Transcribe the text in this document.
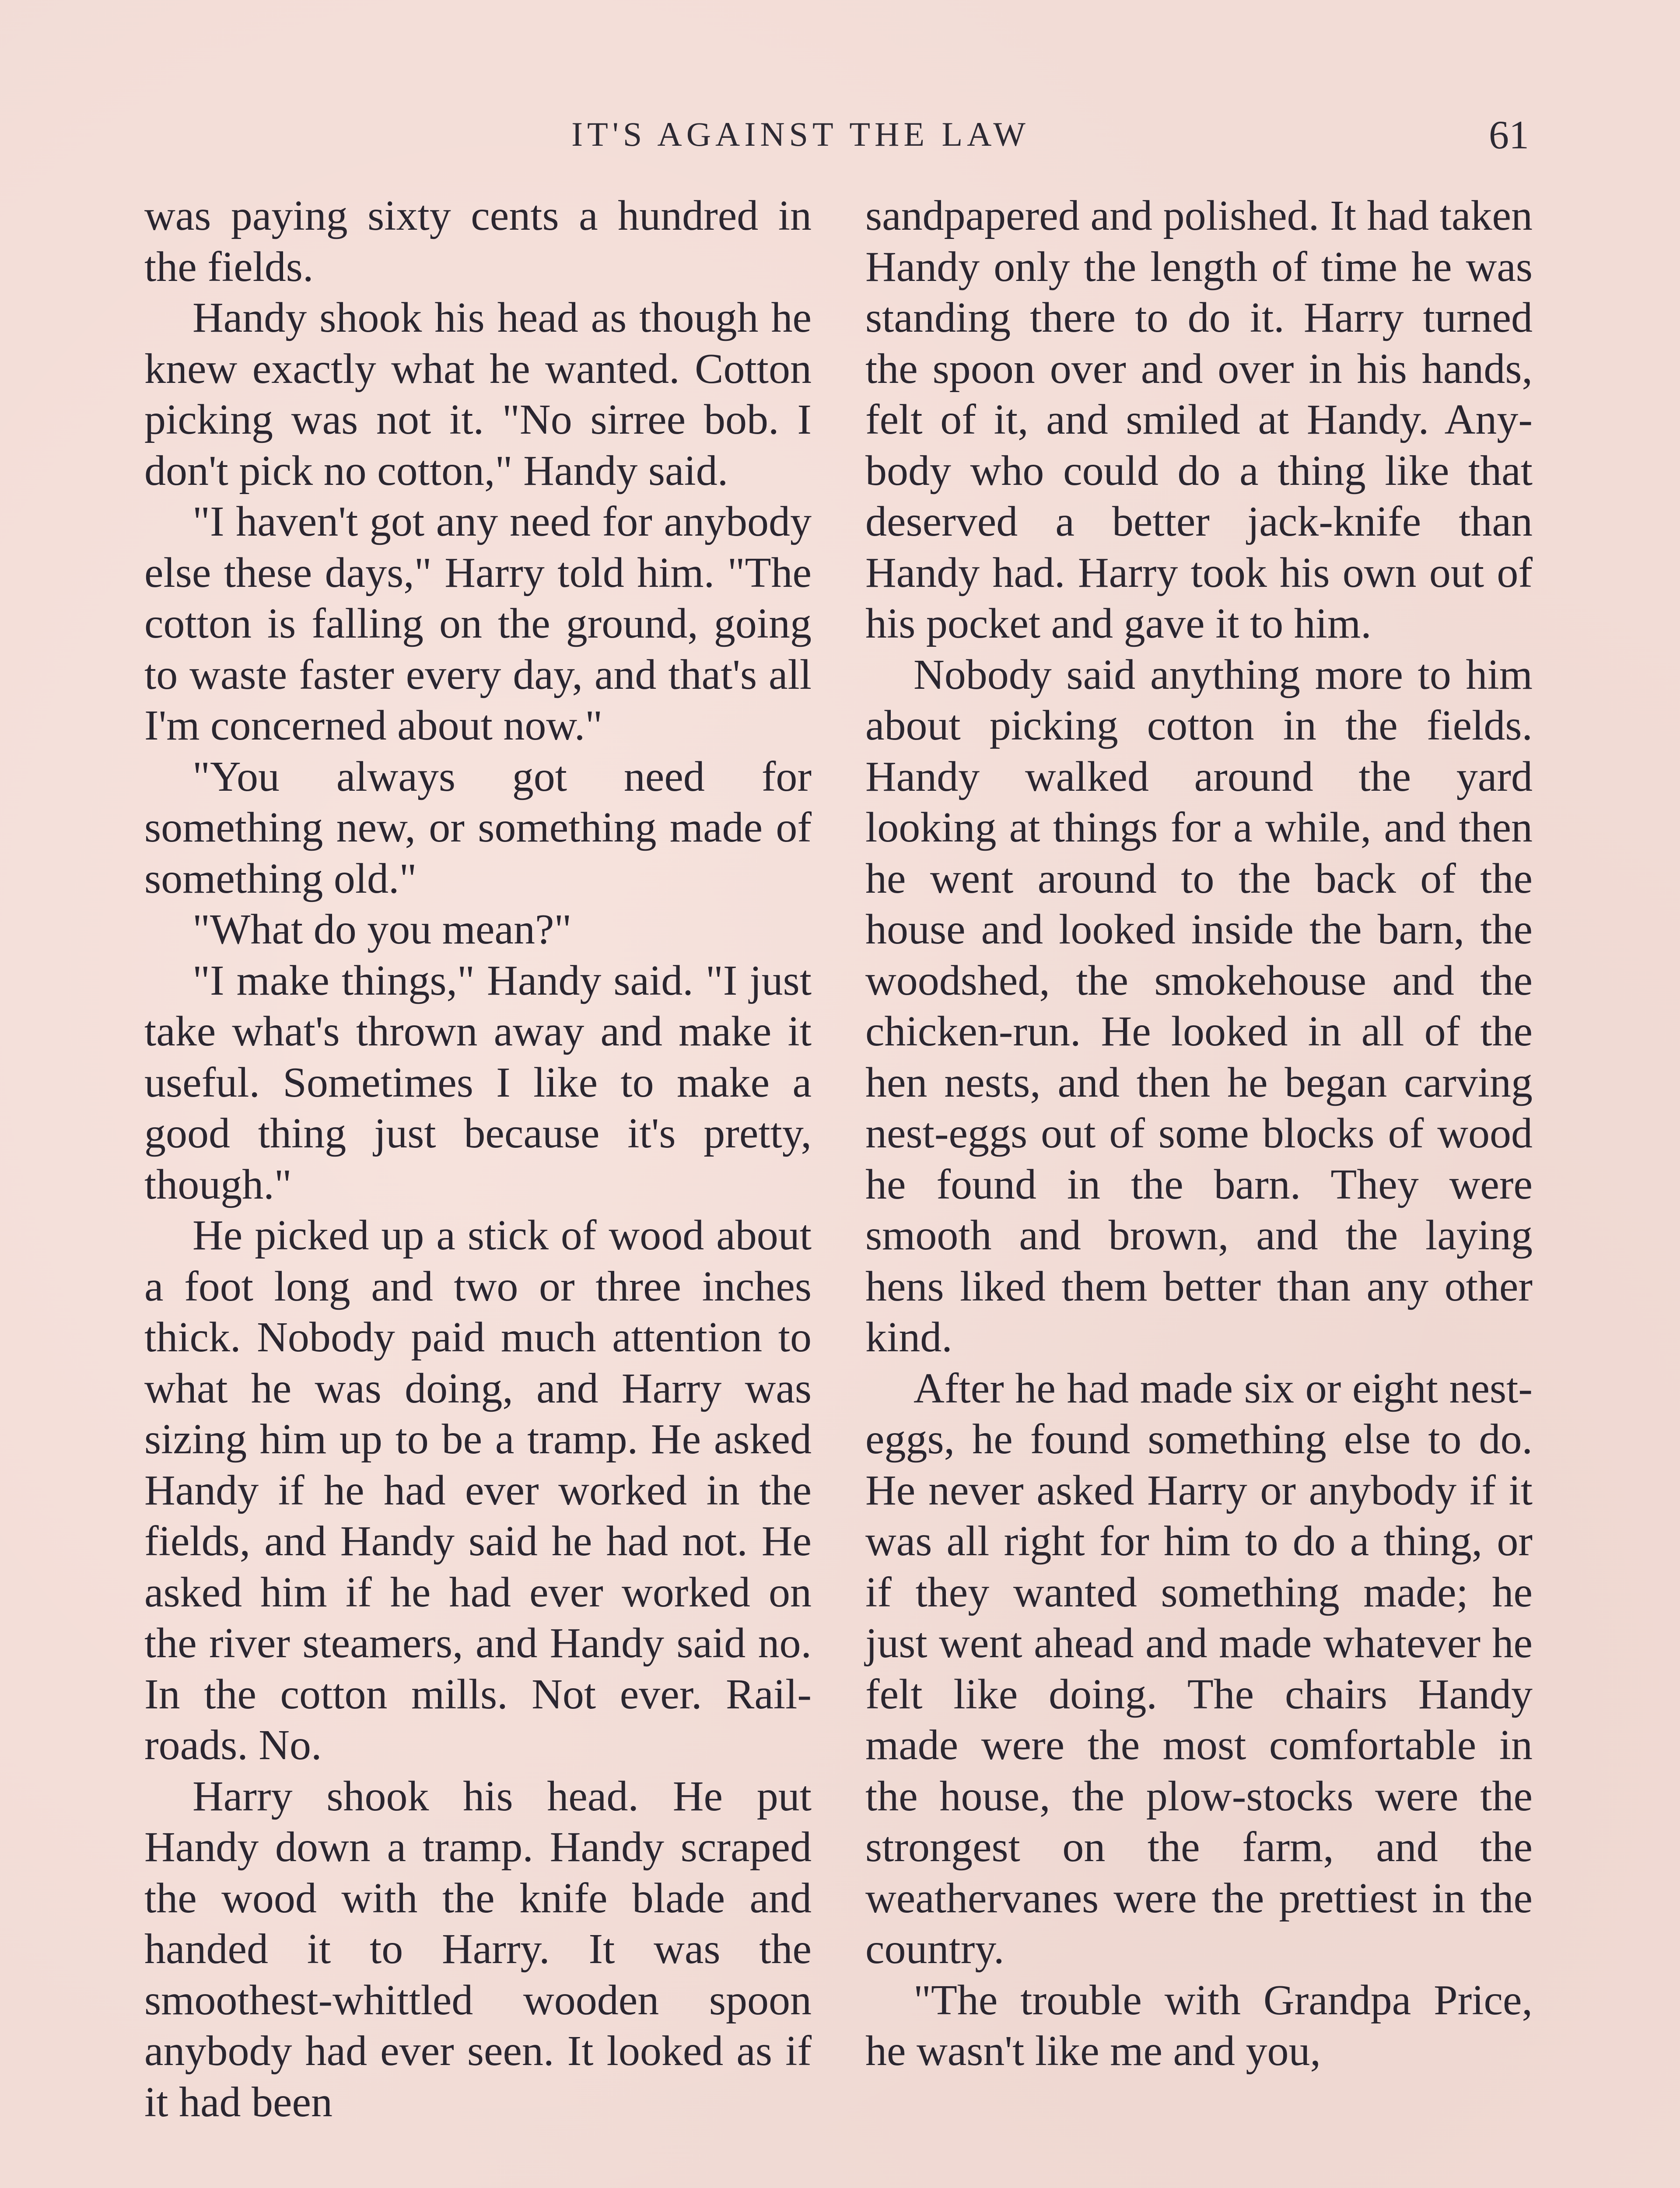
IT'S AGAINST THE LAW	61

was paying sixty cents a hundred in the fields.

Handy shook his head as though he knew exactly what he wanted. Cotton picking was not it. "No sirree bob. I don't pick no cotton," Handy said.

"I haven't got any need for anybody else these days," Harry told him. "The cotton is falling on the ground, going to waste faster every day, and that's all I'm concerned about now."

"You always got need for something new, or something made of something old."

"What do you mean?"

"I make things," Handy said. "I just take what's thrown away and make it useful. Sometimes I like to make a good thing just because it's pretty, though."

He picked up a stick of wood about a foot long and two or three inches thick. Nobody paid much attention to what he was doing, and Harry was sizing him up to be a tramp. He asked Handy if he had ever worked in the fields, and Handy said he had not. He asked him if he had ever worked on the river steamers, and Handy said no. In the cotton mills. Not ever. Railroads. No.

Harry shook his head. He put Handy down a tramp. Handy scraped the wood with the knife blade and handed it to Harry. It was the smoothest-whittled wooden spoon anybody had ever seen. It looked as if it had been

sandpapered and polished. It had taken Handy only the length of time he was standing there to do it. Harry turned the spoon over and over in his hands, felt of it, and smiled at Handy. Anybody who could do a thing like that deserved a better jack-knife than Handy had. Harry took his own out of his pocket and gave it to him.

Nobody said anything more to him about picking cotton in the fields. Handy walked around the yard looking at things for a while, and then he went around to the back of the house and looked inside the barn, the woodshed, the smokehouse and the chicken-run. He looked in all of the hen nests, and then he began carving nest-eggs out of some blocks of wood he found in the barn. They were smooth and brown, and the laying hens liked them better than any other kind.

After he had made six or eight nest-eggs, he found something else to do. He never asked Harry or anybody if it was all right for him to do a thing, or if they wanted something made; he just went ahead and made whatever he felt like doing. The chairs Handy made were the most comfortable in the house, the plow-stocks were the strongest on the farm, and the weathervanes were the prettiest in the country.

"The trouble with Grandpa Price, he wasn't like me and you,
